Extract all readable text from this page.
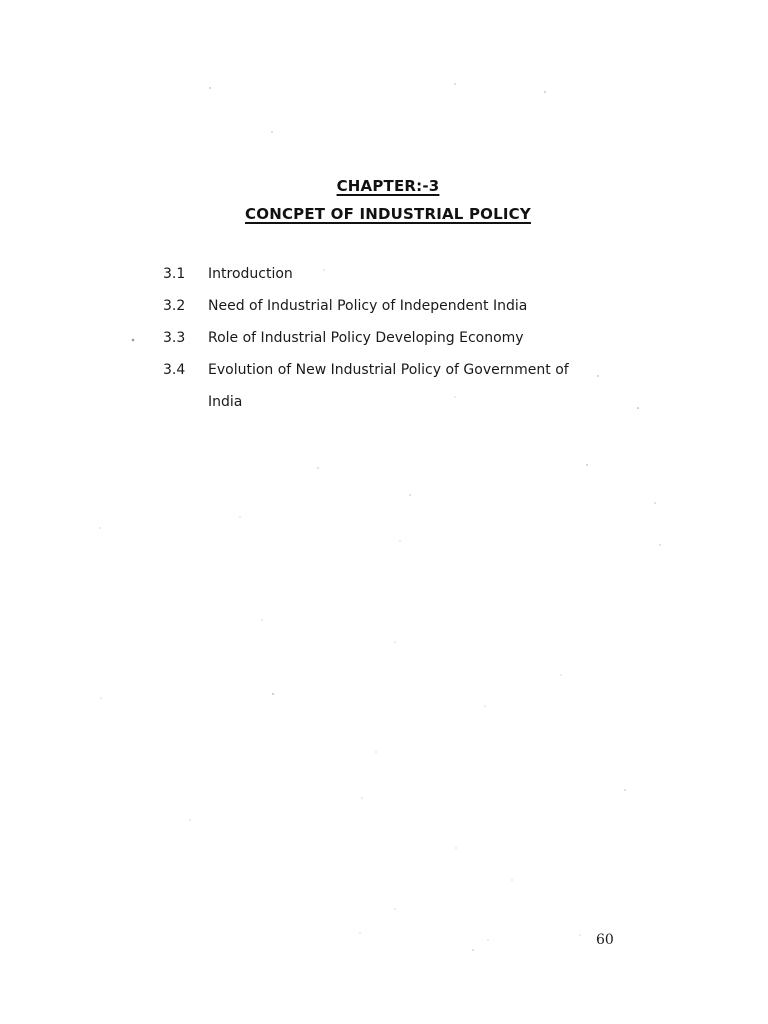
CHAPTER:-3
CONCPET OF INDUSTRIAL POLICY
3.1	Introduction
3.2	Need of Industrial Policy of Independent India
3.3	Role of Industrial Policy Developing Economy
3.4	Evolution of New Industrial Policy of Government of
India
60
